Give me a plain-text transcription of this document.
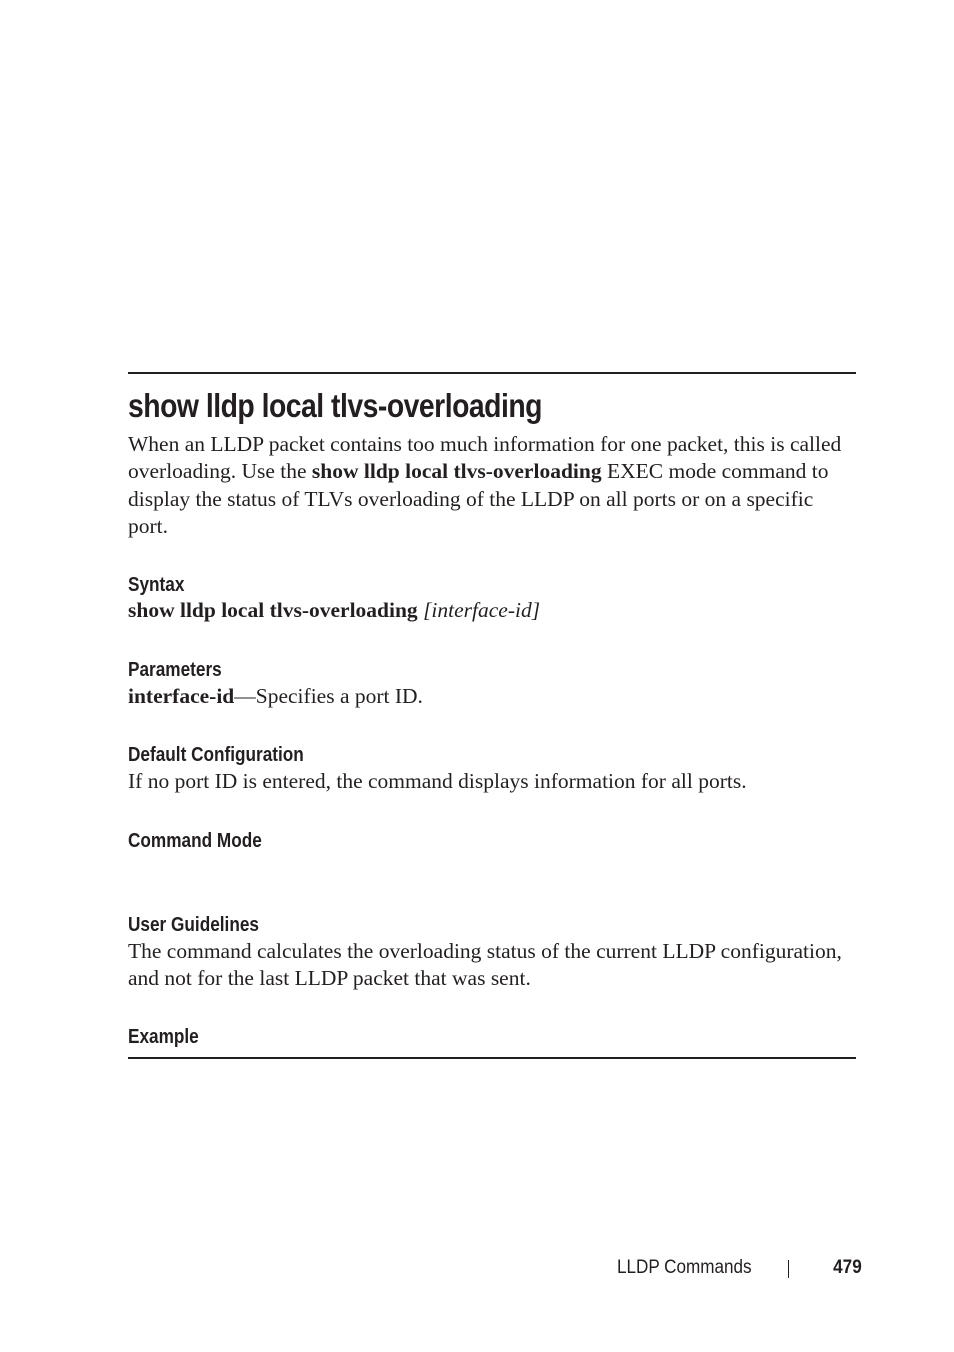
show lldp local tlvs-overloading

When an LLDP packet contains too much information for one packet, this is called overloading. Use the show lldp local tlvs-overloading EXEC mode command to display the status of TLVs overloading of the LLDP on all ports or on a specific port.

Syntax

show lldp local tlvs-overloading [interface-id]

Parameters

interface-id—Specifies a port ID.

Default Configuration

If no port ID is entered, the command displays information for all ports.

Command Mode
User Guidelines

The command calculates the overloading status of the current LLDP configuration, and not for the last LLDP packet that was sent.

Example
LLDP Commands	479
